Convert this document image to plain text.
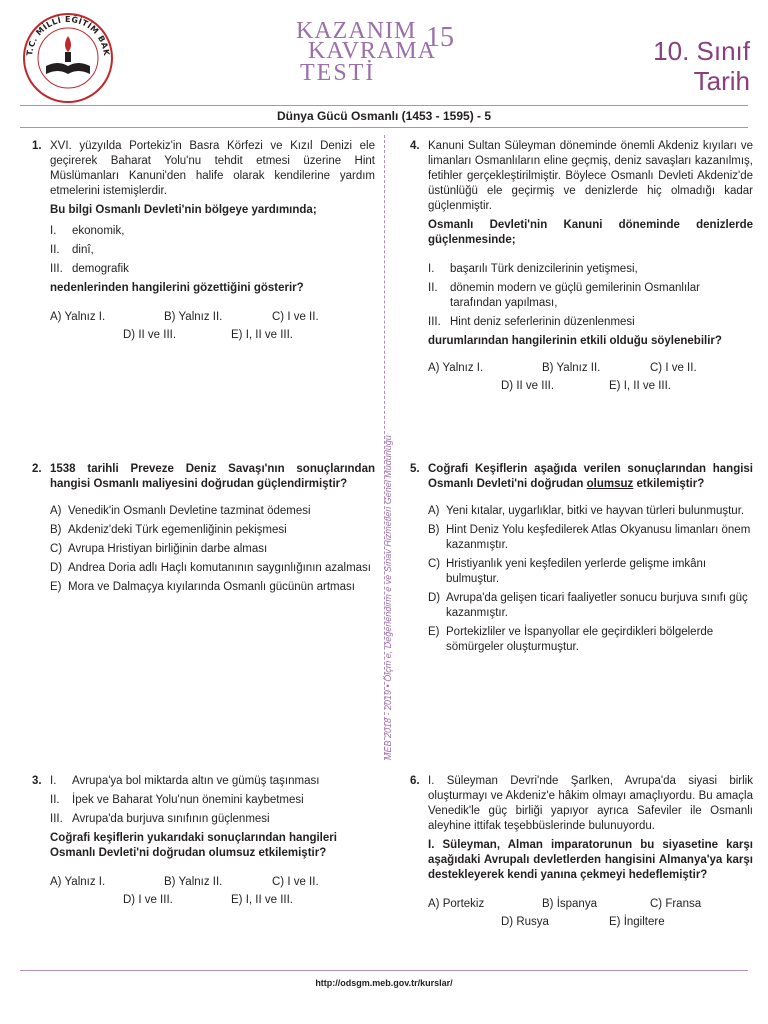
T.C. MİLLİ EĞİTİM BAK
KAZANIM
KAVRAMA
TESTİ
15	10. Sınıf
Tarih
Dünya Gücü Osmanlı (1453 - 1595) - 5
MEB 2018 - 2019 • Ölçm e, Değerlendirm e ve Sınav Hizmetleri Genel Müdürlüğü
1. XVI. yüzyılda Portekiz'in Basra Körfezi ve Kızıl Denizi ele geçirerek Baharat Yolu'nu tehdit etmesi üzerine Hint Müslümanları Kanuni'den halife olarak kendilerine yardım etmelerini istemişlerdir.
Bu bilgi Osmanlı Devleti'nin bölgeye yardımında;
I.	ekonomik,
II.	dinî,
III. demografik
nedenlerinden hangilerini gözettiğini gösterir?
A) Yalnız I.	B) Yalnız II.	C) I ve II.
D) II ve III.	E) I, II ve III.
2. 1538 tarihli Preveze Deniz Savaşı'nın sonuçlarından hangisi Osmanlı maliyesini doğrudan güçlendirmiştir?
A) Venedik'in Osmanlı Devletine tazminat ödemesi
B) Akdeniz'deki Türk egemenliğinin pekişmesi
C) Avrupa Hristiyan birliğinin darbe alması
D) Andrea Doria adlı Haçlı komutanının saygınlığının azalması
E) Mora ve Dalmaçya kıyılarında Osmanlı gücünün artması
3. I.	Avrupa'ya bol miktarda altın ve gümüş taşınması
II.	İpek ve Baharat Yolu'nun önemini kaybetmesi
III. Avrupa'da burjuva sınıfının güçlenmesi
Coğrafi keşiflerin yukarıdaki sonuçlarından hangileri Osmanlı Devleti'ni doğrudan olumsuz etkilemiştir?
A) Yalnız I.	B) Yalnız II.	C) I ve II.
D) I ve III.	E) I, II ve III.
4. Kanuni Sultan Süleyman döneminde önemli Akdeniz kıyıları ve limanları Osmanlıların eline geçmiş, deniz savaşları kazanılmış, fetihler gerçekleştirilmiştir. Böylece Osmanlı Devleti Akdeniz'de üstünlüğü ele geçirmiş ve denizlerde hiç olmadığı kadar güçlenmiştir.
Osmanlı Devleti'nin Kanuni döneminde denizlerde güçlenmesinde;
I.	başarılı Türk denizcilerinin yetişmesi,
II.	dönemin modern ve güçlü gemilerinin Osmanlılar tarafından yapılması,
III. Hint deniz seferlerinin düzenlenmesi
durumlarından hangilerinin etkili olduğu söylenebilir?
A) Yalnız I.	B) Yalnız II.	C) I ve II.
D) II ve III.	E) I, II ve III.
5. Coğrafi Keşiflerin aşağıda verilen sonuçlarından hangisi Osmanlı Devleti'ni doğrudan olumsuz etkilemiştir?
A) Yeni kıtalar, uygarlıklar, bitki ve hayvan türleri bulunmuştur.
B) Hint Deniz Yolu keşfedilerek Atlas Okyanusu limanları önem kazanmıştır.
C) Hristiyanlık yeni keşfedilen yerlerde gelişme imkânı bulmuştur.
D) Avrupa'da gelişen ticari faaliyetler sonucu burjuva sınıfı güç kazanmıştır.
E) Portekizliler ve İspanyollar ele geçirdikleri bölgelerde sömürgeler oluşturmuştur.
6. I. Süleyman Devri'nde Şarlken, Avrupa'da siyasi birlik oluşturmayı ve Akdeniz'e hâkim olmayı amaçlıyordu. Bu amaçla Venedik'le güç birliği yapıyor ayrıca Safeviler ile Osmanlı aleyhine ittifak teşebbüslerinde bulunuyordu.
I. Süleyman, Alman imparatorunun bu siyasetine karşı aşağıdaki Avrupalı devletlerden hangisini Almanya'ya karşı destekleyerek kendi yanına çekmeyi hedeflemiştir?
A) Portekiz	B) İspanya	C) Fransa
D) Rusya	E) İngiltere
http://odsgm.meb.gov.tr/kurslar/
